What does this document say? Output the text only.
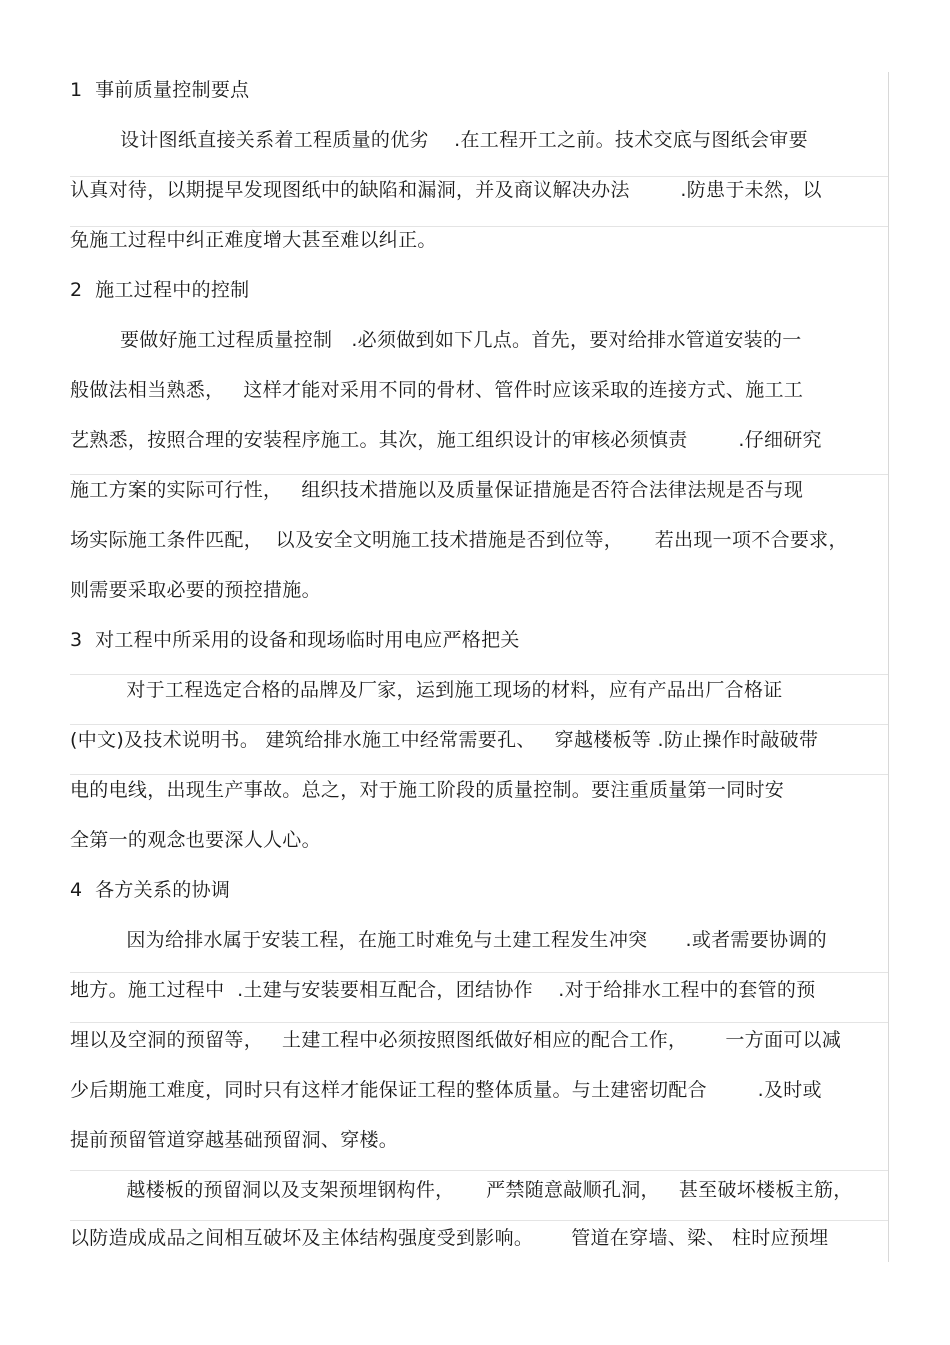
1  事前质量控制要点
设计图纸直接关系着工程质量的优劣    .在工程开工之前。技术交底与图纸会审要
认真对待，以期提早发现图纸中的缺陷和漏洞，并及商议解决办法        .防患于未然，以
免施工过程中纠正难度增大甚至难以纠正。
2  施工过程中的控制
要做好施工过程质量控制   .必须做到如下几点。首先，要对给排水管道安装的一
般做法相当熟悉，   这样才能对采用不同的骨材、管件时应该采取的连接方式、施工工
艺熟悉，按照合理的安装程序施工。其次，施工组织设计的审核必须慎责        .仔细研究
施工方案的实际可行性，   组织技术措施以及质量保证措施是否符合法律法规是否与现
场实际施工条件匹配，  以及安全文明施工技术措施是否到位等，     若出现一项不合要求，
则需要采取必要的预控措施。
3  对工程中所采用的设备和现场临时用电应严格把关
对于工程选定合格的品牌及厂家，运到施工现场的材料，应有产品出厂合格证
(中文)及技术说明书。 建筑给排水施工中经常需要孔、   穿越楼板等 .防止操作时敲破带
电的电线，出现生产事故。总之，对于施工阶段的质量控制。要注重质量第一同时安
全第一的观念也要深人人心。
4  各方关系的协调
因为给排水属于安装工程，在施工时难免与土建工程发生冲突      .或者需要协调的
地方。施工过程中  .土建与安装要相互配合，团结协作    .对于给排水工程中的套管的预
埋以及空洞的预留等，   土建工程中必须按照图纸做好相应的配合工作，      一方面可以减
少后期施工难度，同时只有这样才能保证工程的整体质量。与土建密切配合        .及时或
提前预留管道穿越基础预留洞、穿楼。
越楼板的预留洞以及支架预埋钢构件，     严禁随意敲顺孔洞，   甚至破坏楼板主筋，
以防造成成品之间相互破坏及主体结构强度受到影响。      管道在穿墙、梁、 柱时应预埋
